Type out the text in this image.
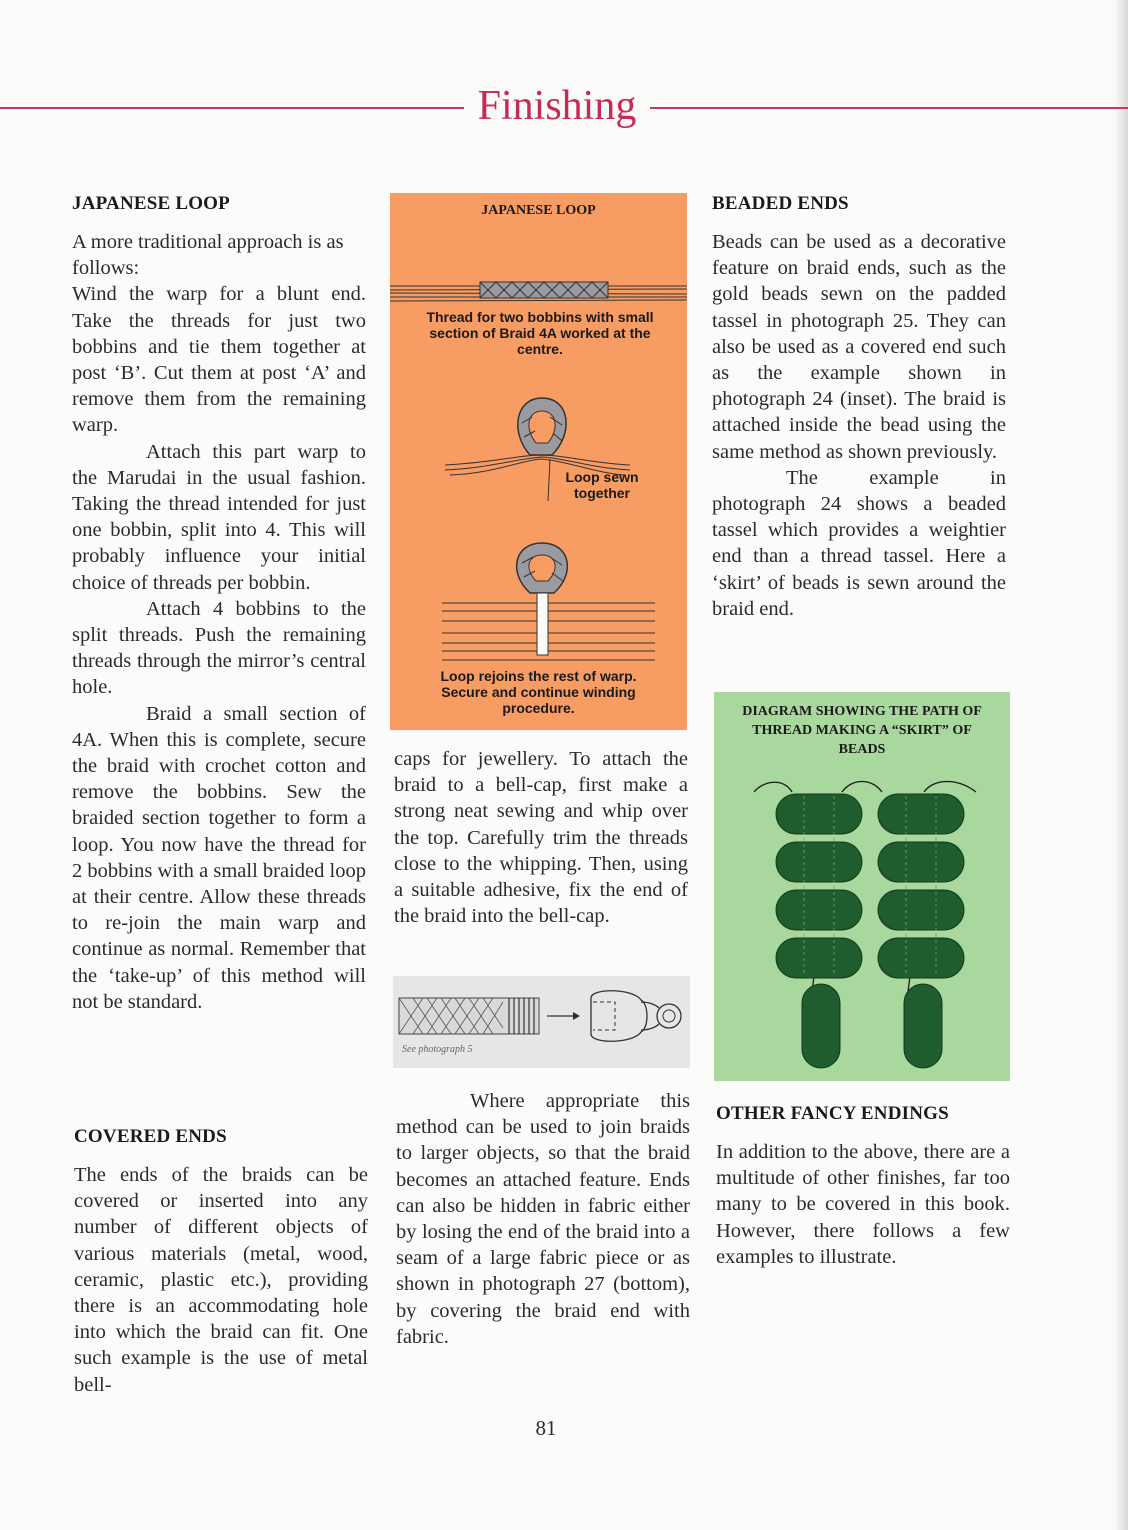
Finishing
JAPANESE LOOP

A more traditional approach is as follows:

Wind the warp for a blunt end. Take the threads for just two bobbins and tie them together at post ‘B’. Cut them at post ‘A’ and remove them from the remaining warp.

Attach this part warp to the Marudai in the usual fashion. Taking the thread intended for just one bobbin, split into 4. This will probably influence your initial choice of threads per bobbin.

Attach 4 bobbins to the split threads. Push the remaining threads through the mirror’s central hole.

Braid a small section of 4A. When this is complete, secure the braid with crochet cotton and remove the bobbins. Sew the braided section together to form a loop. You now have the thread for 2 bobbins with a small braided loop at their centre. Allow these threads to re-join the main warp and continue as normal. Remember that the ‘take-up’ of this method will not be standard.

COVERED ENDS

The ends of the braids can be covered or inserted into any number of different objects of various materials (metal, wood, ceramic, plastic etc.), providing there is an accommodating hole into which the braid can fit. One such example is the use of metal bell-

JAPANESE LOOP
Thread for two bobbins with small section of Braid 4A worked at the centre.
Loop sewn together
Loop rejoins the rest of warp. Secure and continue winding procedure.

caps for jewellery. To attach the braid to a bell-cap, first make a strong neat sewing and whip over the top. Carefully trim the threads close to the whipping. Then, using a suitable adhesive, fix the end of the braid into the bell-cap.

See photograph 5

Where appropriate this method can be used to join braids to larger objects, so that the braid becomes an attached feature. Ends can also be hidden in fabric either by losing the end of the braid into a seam of a large fabric piece or as shown in photograph 27 (bottom), by covering the braid end with fabric.

BEADED ENDS

Beads can be used as a decorative feature on braid ends, such as the gold beads sewn on the padded tassel in photograph 25. They can also be used as a covered end such as the example shown in photograph 24 (inset). The braid is attached inside the bead using the same method as shown previously.

The example in photograph 24 shows a beaded tassel which provides a weightier end than a thread tassel. Here a ‘skirt’ of beads is sewn around the braid end.

DIAGRAM SHOWING THE PATH OF THREAD MAKING A “SKIRT” OF BEADS
OTHER FANCY ENDINGS

In addition to the above, there are a multitude of other finishes, far too many to be covered in this book. However, there follows a few examples to illustrate.

81
